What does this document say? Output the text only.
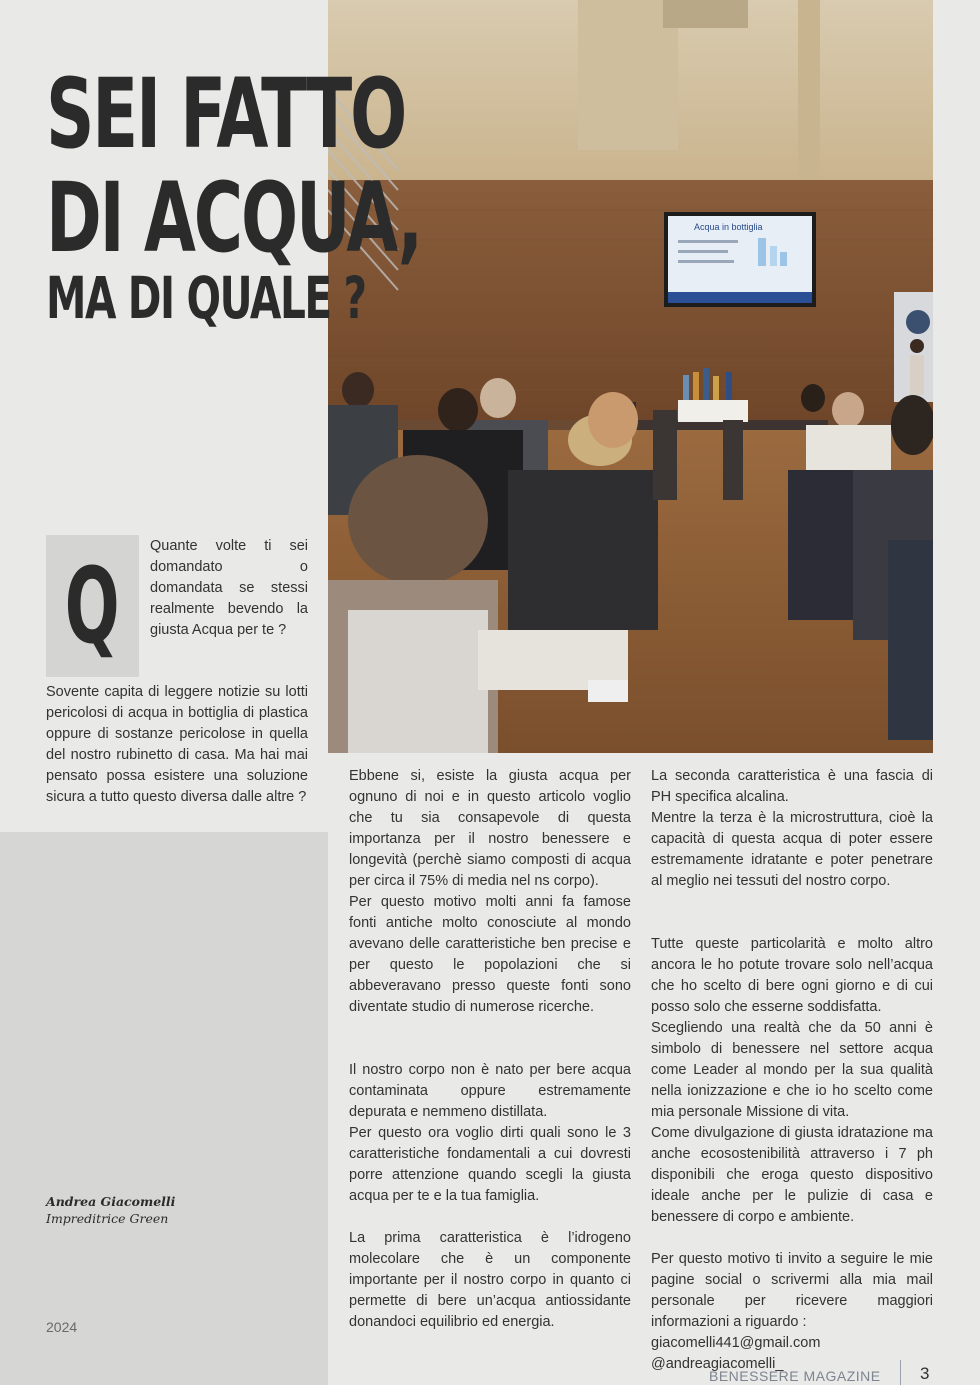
Acqua in bottiglia
SEI FATTO
DI ACQUA,
MA DI QUALE ?
Q Quante volte ti sei domandato o domandata se stessi realmente bevendo la giusta Acqua per te ?
Sovente capita di leggere notizie su lotti pericolosi di acqua in bottiglia di plastica oppure di sostanze pericolose in quella del nostro rubinetto di casa. Ma hai mai pensato possa esistere una soluzione sicura a tutto questo diversa dalle altre ?

Ebbene si, esiste la giusta acqua per ognuno di noi e in questo articolo voglio che tu sia consapevole di questa importanza per il nostro benessere e longevità (perchè siamo composti di acqua per circa il 75% di media nel ns corpo).

Per questo motivo molti anni fa famose fonti antiche molto conosciute al mondo avevano delle caratteristiche ben precise e per questo le popolazioni che si abbeveravano presso queste fonti sono diventate studio di numerose ricerche.

Il nostro corpo non è nato per bere acqua contaminata oppure estremamente depurata e nemmeno distillata.

Per questo ora voglio dirti quali sono le 3 caratteristiche fondamentali a cui dovresti porre attenzione quando scegli la giusta acqua per te e la tua famiglia.

La prima caratteristica è l’idrogeno molecolare che è un componente importante per il nostro corpo in quanto ci permette di bere un’acqua antiossidante donandoci equilibrio ed energia.

La seconda caratteristica è una fascia di PH specifica alcalina.

Mentre la terza è la microstruttura, cioè la capacità di questa acqua di poter essere estremamente idratante e poter penetrare al meglio nei tessuti del nostro corpo.

Tutte queste particolarità e molto altro ancora le ho potute trovare solo nell’acqua che ho scelto di bere ogni giorno e di cui posso solo che esserne soddisfatta.

Scegliendo una realtà che da 50 anni è simbolo di benessere nel settore acqua come Leader al mondo per la sua qualità nella ionizzazione e che io ho scelto come mia personale Missione di vita.

Come divulgazione di giusta idratazione ma anche ecosostenibilità attraverso i 7 ph disponibili che eroga questo dispositivo ideale anche per le pulizie di casa e benessere di corpo e ambiente.

Per questo motivo ti invito a seguire le mie pagine social o scrivermi alla mia mail personale per ricevere maggiori informazioni a riguardo :

giacomelli441@gmail.com

@andreagiacomelli_

Andrea Giacomelli
Impreditrice Green
2024
BENESSERE MAGAZINE 3
